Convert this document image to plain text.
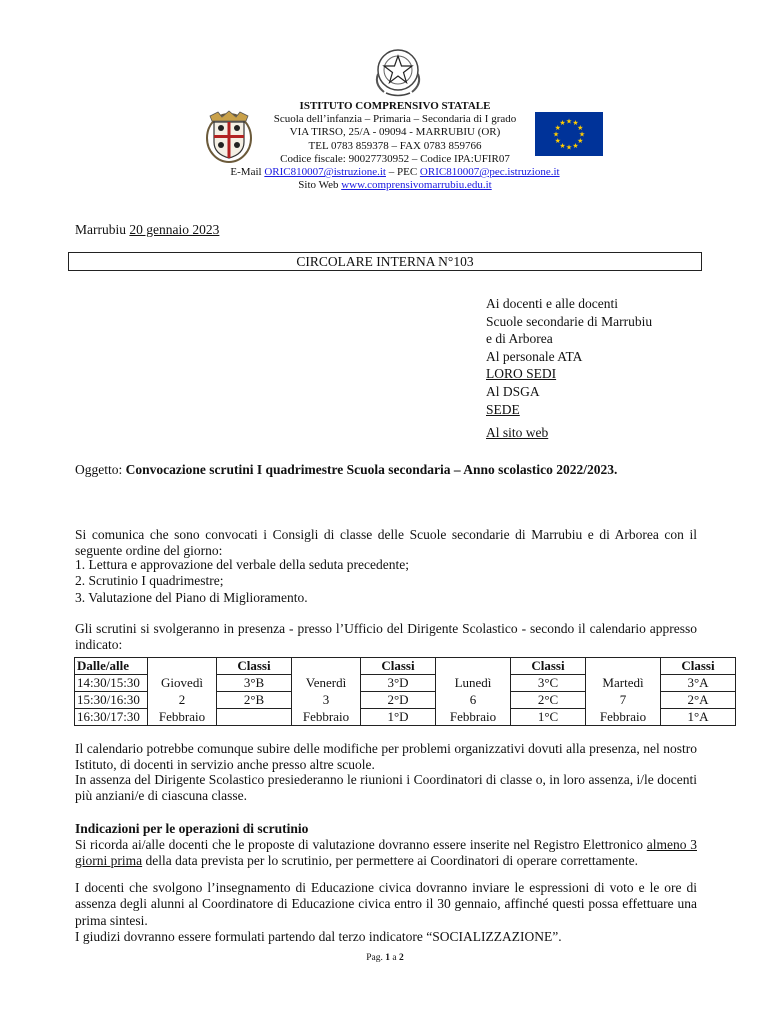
★
★
★
★
★
★
★
★
★ ★ ★
★
ISTITUTO COMPRENSIVO STATALE
Scuola dell’infanzia – Primaria – Secondaria di I grado
VIA TIRSO, 25/A - 09094 - MARRUBIU (OR)
TEL 0783 859378 – FAX 0783 859766
Codice fiscale: 90027730952 – Codice IPA:UFIR07
E-Mail ORIC810007@istruzione.it – PEC ORIC810007@pec.istruzione.it
Sito Web www.comprensivomarrubiu.edu.it
Marrubiu 20 gennaio 2023
CIRCOLARE INTERNA N°103
Ai docenti e alle docenti
Scuole secondarie di Marrubiu
e di Arborea
Al personale ATA
LORO SEDI
Al DSGA
SEDE
Al sito web
Oggetto: Convocazione scrutini I quadrimestre Scuola secondaria – Anno scolastico 2022/2023.
Si comunica che sono convocati i Consigli di classe delle Scuole secondarie di Marrubiu e di Arborea con il seguente ordine del giorno:
1. Lettura e approvazione del verbale della seduta precedente;
2. Scrutinio I quadrimestre;
3. Valutazione del Piano di Miglioramento.
Gli scrutini si svolgeranno in presenza - presso l’Ufficio del Dirigente Scolastico - secondo il calendario appresso indicato:
Dalle/alle		Classi		Classi		Classi		Classi
14:30/15:30	Giovedì	3°B	Venerdì	3°D	Lunedì	3°C	Martedì	3°A
15:30/16:30	2	2°B	3	2°D	6	2°C	7	2°A
16:30/17:30	Febbraio		Febbraio	1°D	Febbraio	1°C	Febbraio	1°A
Il calendario potrebbe comunque subire delle modifiche per problemi organizzativi dovuti alla presenza, nel nostro Istituto, di docenti in servizio anche presso altre scuole.
In assenza del Dirigente Scolastico presiederanno le riunioni i Coordinatori di classe o, in loro assenza, i/le docenti più anziani/e di ciascuna classe.
Indicazioni per le operazioni di scrutinio
Si ricorda ai/alle docenti che le proposte di valutazione dovranno essere inserite nel Registro Elettronico almeno 3 giorni prima della data prevista per lo scrutinio, per permettere ai Coordinatori di operare correttamente.
I docenti che svolgono l’insegnamento di Educazione civica dovranno inviare le espressioni di voto e le ore di assenza degli alunni al Coordinatore di Educazione civica entro il 30 gennaio, affinché questi possa effettuare una prima sintesi.
I giudizi dovranno essere formulati partendo dal terzo indicatore “SOCIALIZZAZIONE”.
Pag. 1 a 2
